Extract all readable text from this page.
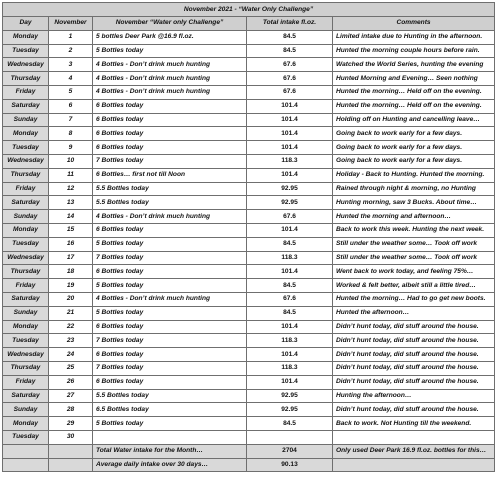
November 2021 - “Water Only Challenge”				
Day	November	November “Water only Challenge”	Total intake fl.oz.	Comments
Monday	1	5 bottles Deer Park @16.9 fl.oz.	84.5	Limited intake due to Hunting in the afternoon.
Tuesday	2	5 Bottles today	84.5	Hunted the morning couple hours before rain.
Wednesday	3	4 Bottles - Don’t drink much hunting	67.6	Watched the World Series, hunting the evening
Thursday	4	4 Bottles - Don’t drink much hunting	67.6	Hunted Morning and Evening… Seen nothing
Friday	5	4 Bottles - Don’t drink much hunting	67.6	Hunted the morning… Held off on the evening.
Saturday	6	6 Bottles today	101.4	Hunted the morning… Held off on the evening.
Sunday	7	6 Bottles today	101.4	Holding off on Hunting and cancelling leave…
Monday	8	6 Bottles today	101.4	Going back to work early for a few days.
Tuesday	9	6 Bottles today	101.4	Going back to work early for a few days.
Wednesday	10	7 Bottles today	118.3	Going back to work early for a few days.
Thursday	11	6 Bottles… first not till Noon	101.4	Holiday - Back to Hunting. Hunted the morning.
Friday	12	5.5 Bottles today	92.95	Rained through night & morning, no Hunting
Saturday	13	5.5 Bottles today	92.95	Hunting morning, saw 3 Bucks. About time…
Sunday	14	4 Bottles - Don’t drink much hunting	67.6	Hunted the morning and afternoon…
Monday	15	6 Bottles today	101.4	Back to work this week. Hunting the next week.
Tuesday	16	5 Bottles today	84.5	Still under the weather some… Took off work
Wednesday	17	7 Bottles today	118.3	Still under the weather some… Took off work
Thursday	18	6 Bottles today	101.4	Went back to work today, and feeling 75%…
Friday	19	5 Bottles today	84.5	Worked & felt better, albeit still a little tired…
Saturday	20	4 Bottles - Don’t drink much hunting	67.6	Hunted the morning… Had to go get new boots.
Sunday	21	5 Bottles today	84.5	Hunted the afternoon…
Monday	22	6 Bottles today	101.4	Didn’t hunt today, did stuff around the house.
Tuesday	23	7 Bottles today	118.3	Didn’t hunt today, did stuff around the house.
Wednesday	24	6 Bottles today	101.4	Didn’t hunt today, did stuff around the house.
Thursday	25	7 Bottles today	118.3	Didn’t hunt today, did stuff around the house.
Friday	26	6 Bottles today	101.4	Didn’t hunt today, did stuff around the house.
Saturday	27	5.5 Bottles today	92.95	Hunting the afternoon…
Sunday	28	6.5 Bottles today	92.95	Didn’t hunt today, did stuff around the house.
Monday	29	5 Bottles today	84.5	Back to work. Not Hunting till the weekend.
Tuesday	30			
		Total Water intake for the Month…	2704	Only used Deer Park 16.9 fl.oz. bottles for this…
		Average daily intake over 30 days…	90.13	
